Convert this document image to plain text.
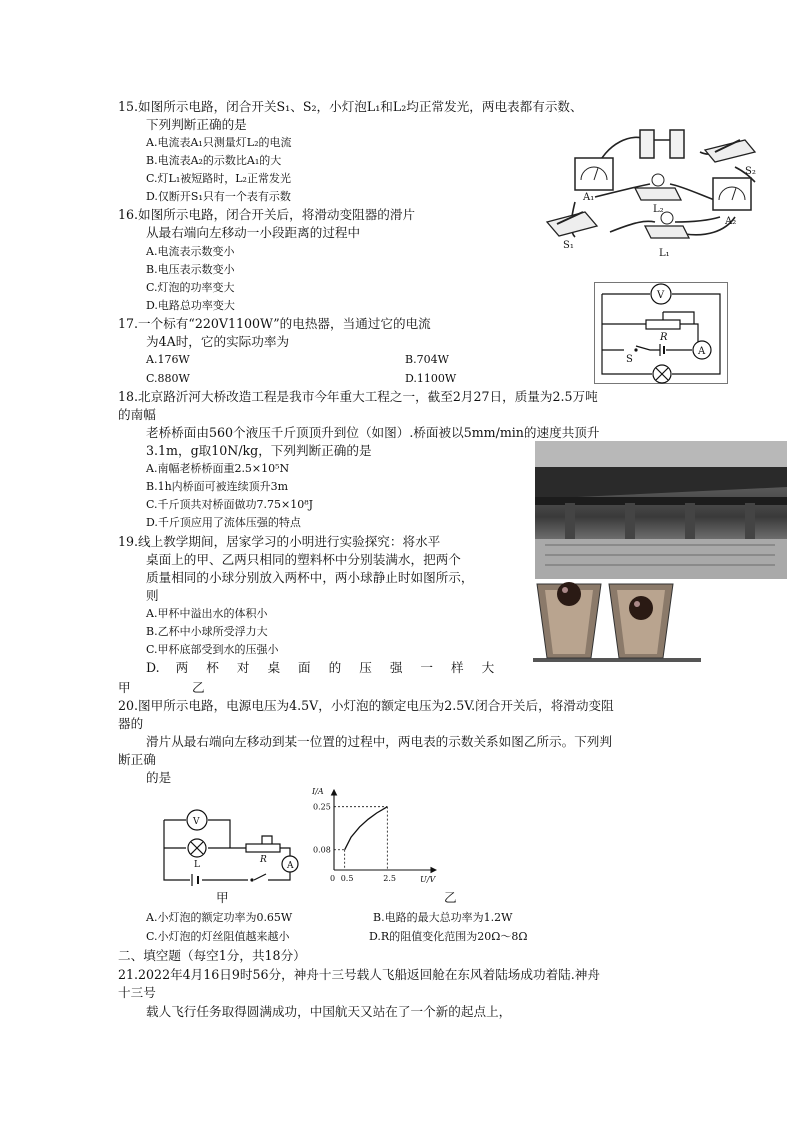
15.如图所示电路，闭合开关S₁、S₂，小灯泡L₁和L₂均正常发光，两电表都有示数、
下列判断正确的是
A.电流表A₁只测量灯L₂的电流
B.电流表A₂的示数比A₁的大
C.灯L₁被短路时，L₂正常发光
D.仅断开S₁只有一个表有示数	A₁
L₂
S₂
A₂
S₁
L₁
16.如图所示电路，闭合开关后，将滑动变阻器的滑片
从最右端向左移动一小段距离的过程中
A.电流表示数变小
B.电压表示数变小
C.灯泡的功率变大
D.电路总功率变大
V
R
S
A
17.一个标有“220V1100W”的电热器，当通过它的电流
为4A时，它的实际功率为
A.176W	B.704W
C.880W	D.1100W
18.北京路沂河大桥改造工程是我市今年重大工程之一，截至2月27日，质量为2.5万吨
的南幅
老桥桥面由560个液压千斤顶顶升到位（如图）.桥面被以5mm/min的速度共顶升
3.1m，g取10N/kg，下列判断正确的是
A.南幅老桥桥面重2.5×10⁵N
B.1h内桥面可被连续顶升3m
C.千斤顶共对桥面做功7.75×10⁸J
D.千斤顶应用了流体压强的特点
19.线上教学期间，居家学习的小明进行实验探究：将水平
桌面上的甲、乙两只相同的塑料杯中分别装满水，把两个
质量相同的小球分别放入两杯中，两小球静止时如图所示，
则
A.甲杯中溢出水的体积小
B.乙杯中小球所受浮力大
C.甲杯底部受到水的压强小
D. 两 杯 对 桌 面 的 压 强 一 样 大
甲	乙
20.图甲所示电路，电源电压为4.5V，小灯泡的额定电压为2.5V.闭合开关后，将滑动变阻
器的
滑片从最右端向左移动到某一位置的过程中，两电表的示数关系如图乙所示。下列判
断正确
的是
V
L	R
A
甲
I/A
U/V
0 0.5	2.5
0.25
0.08
乙
A.小灯泡的额定功率为0.65W	B.电路的最大总功率为1.2W
C.小灯泡的灯丝阻值越来越小	D.R的阻值变化范围为20Ω～8Ω
二、填空题（每空1分，共18分）
21.2022年4月16日9时56分，神舟十三号载人飞船返回舱在东风着陆场成功着陆.神舟
十三号
载人飞行任务取得圆满成功，中国航天又站在了一个新的起点上，
